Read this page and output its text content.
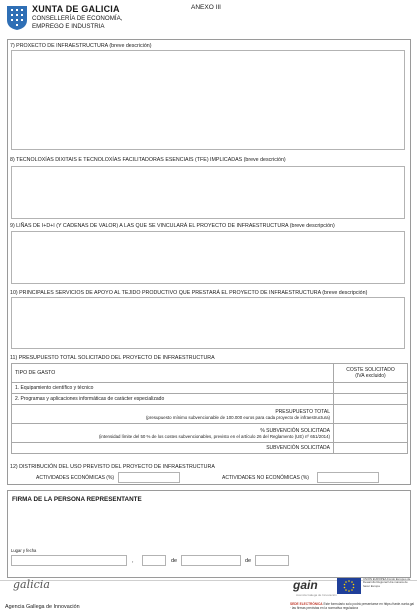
XUNTA DE GALICIA
CONSELLERÍA DE ECONOMÍA,
EMPREGO E INDUSTRIA
ANEXO III
7) PROXECTO DE INFRAESTRUCTURA (breve descrición)
8) TECNOLOXÍAS DIXITAIS E TECNOLOXÍAS FACILITADORAS ESENCIAIS (TFE) IMPLICADAS (breve descrición)
9) LIÑAS DE I+D+I (Y CADENAS DE VALOR) A LAS QUE SE VINCULARÁ EL PROYECTO DE INFRAESTRUCTURA (breve descripción)
10) PRINCIPALES SERVICIOS DE APOYO AL TEJIDO PRODUCTIVO QUE PRESTARÁ EL PROYECTO DE INFRAESTRUCTURA (breve descripción)
11) PRESUPUESTO TOTAL SOLICITADO DEL PROYECTO DE INFRAESTRUCTURA
TIPO DE GASTO	COSTE SOLICITADO
(IVA excluido)

1. Equipamiento científico y técnico	
2. Programas y aplicaciones informáticas de carácter especializado	

PRESUPUESTO TOTAL
(presupuesto mínimo subvencionable de 100.000 euros para cada proyecto de infraestructura)	

% SUBVENCIÓN SOLICITADA
(intensidad límite del 50 % de los costes subvencionables, previsto en el artículo 26 del Reglamento (UE) nº 651/2014)	

SUBVENCIÓN SOLICITADA	
12) DISTRIBUCIÓN DEL USO PREVISTO DEL PROYECTO DE INFRAESTRUCTURA
ACTIVIDADES ECONÓMICAS (%)	ACTIVIDADES NO ECONÓMICAS (%)
FIRMA DE LA PERSONA REPRESENTANTE
Lugar y fecha
,	de	de
galicia	gain
Axencia Galega de Innovación
UNIÓN EUROPEA Fondo Europeo de Desarrollo Regional Una manera de hacer Europa
Agencia Gallega de Innovación	SEDE ELECTRÓNICA Este formulario solo podrá presentarse en https://sede.xunta.gal · las firmas previstas en la normativa reguladora
